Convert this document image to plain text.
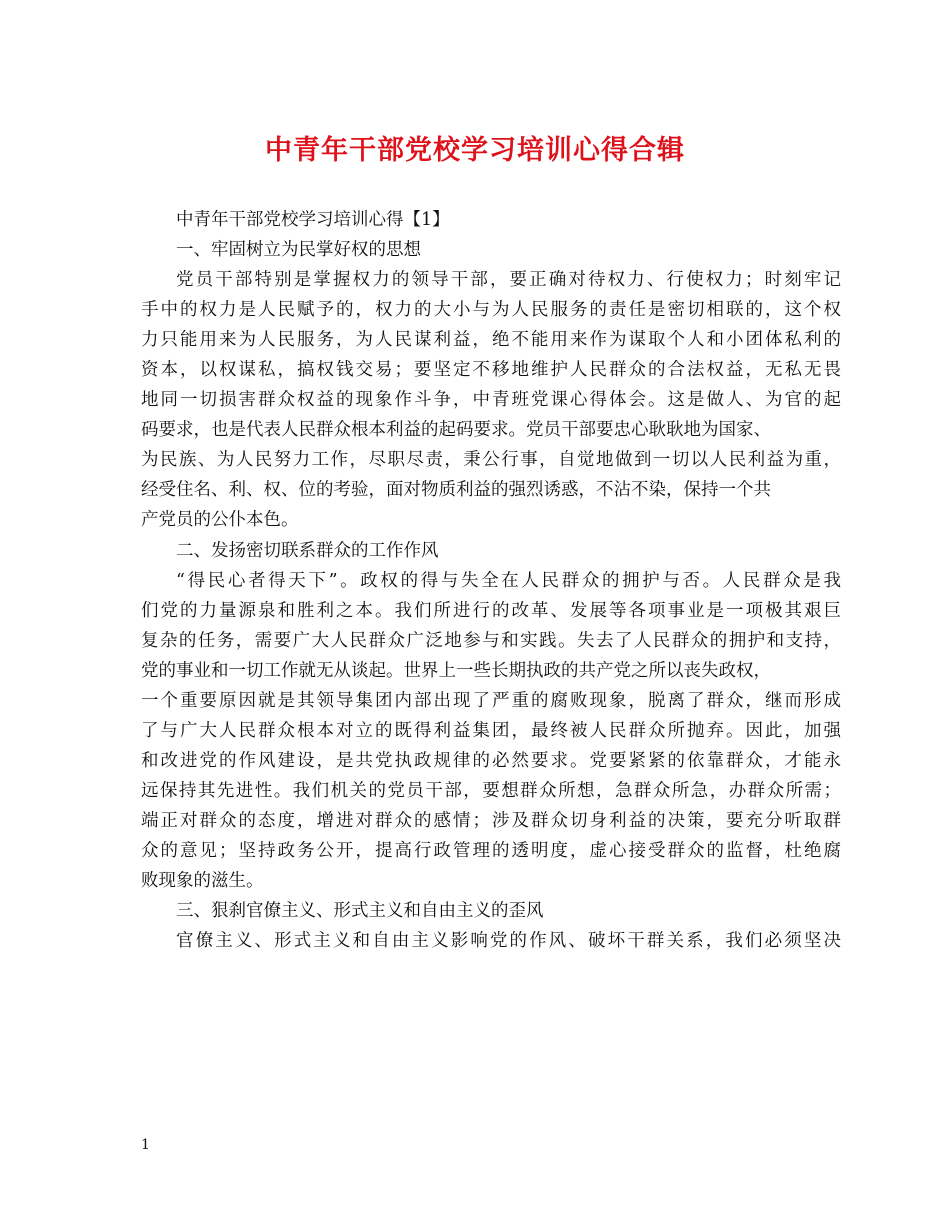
中青年干部党校学习培训心得合辑
中青年干部党校学习培训心得【1】
一、牢固树立为民掌好权的思想
党员干部特别是掌握权力的领导干部，要正确对待权力、行使权力；时刻牢记
手中的权力是人民赋予的，权力的大小与为人民服务的责任是密切相联的，这个权
力只能用来为人民服务，为人民谋利益，绝不能用来作为谋取个人和小团体私利的
资本，以权谋私，搞权钱交易；要坚定不移地维护人民群众的合法权益，无私无畏
地同一切损害群众权益的现象作斗争，中青班党课心得体会。这是做人、为官的起
码要求，也是代表人民群众根本利益的起码要求。党员干部要忠心耿耿地为国家、
为民族、为人民努力工作，尽职尽责，秉公行事，自觉地做到一切以人民利益为重，
经受住名、利、权、位的考验，面对物质利益的强烈诱惑，不沾不染，保持一个共
产党员的公仆本色。
二、发扬密切联系群众的工作作风
“得民心者得天下”。政权的得与失全在人民群众的拥护与否。人民群众是我
们党的力量源泉和胜利之本。我们所进行的改革、发展等各项事业是一项极其艰巨
复杂的任务，需要广大人民群众广泛地参与和实践。失去了人民群众的拥护和支持，
党的事业和一切工作就无从谈起。世界上一些长期执政的共产党之所以丧失政权，
一个重要原因就是其领导集团内部出现了严重的腐败现象，脱离了群众，继而形成
了与广大人民群众根本对立的既得利益集团，最终被人民群众所抛弃。因此，加强
和改进党的作风建设，是共党执政规律的必然要求。党要紧紧的依靠群众，才能永
远保持其先进性。我们机关的党员干部，要想群众所想，急群众所急，办群众所需；
端正对群众的态度，增进对群众的感情；涉及群众切身利益的决策，要充分听取群
众的意见；坚持政务公开，提高行政管理的透明度，虚心接受群众的监督，杜绝腐
败现象的滋生。
三、狠刹官僚主义、形式主义和自由主义的歪风
官僚主义、形式主义和自由主义影响党的作风、破坏干群关系，我们必须坚决
1
